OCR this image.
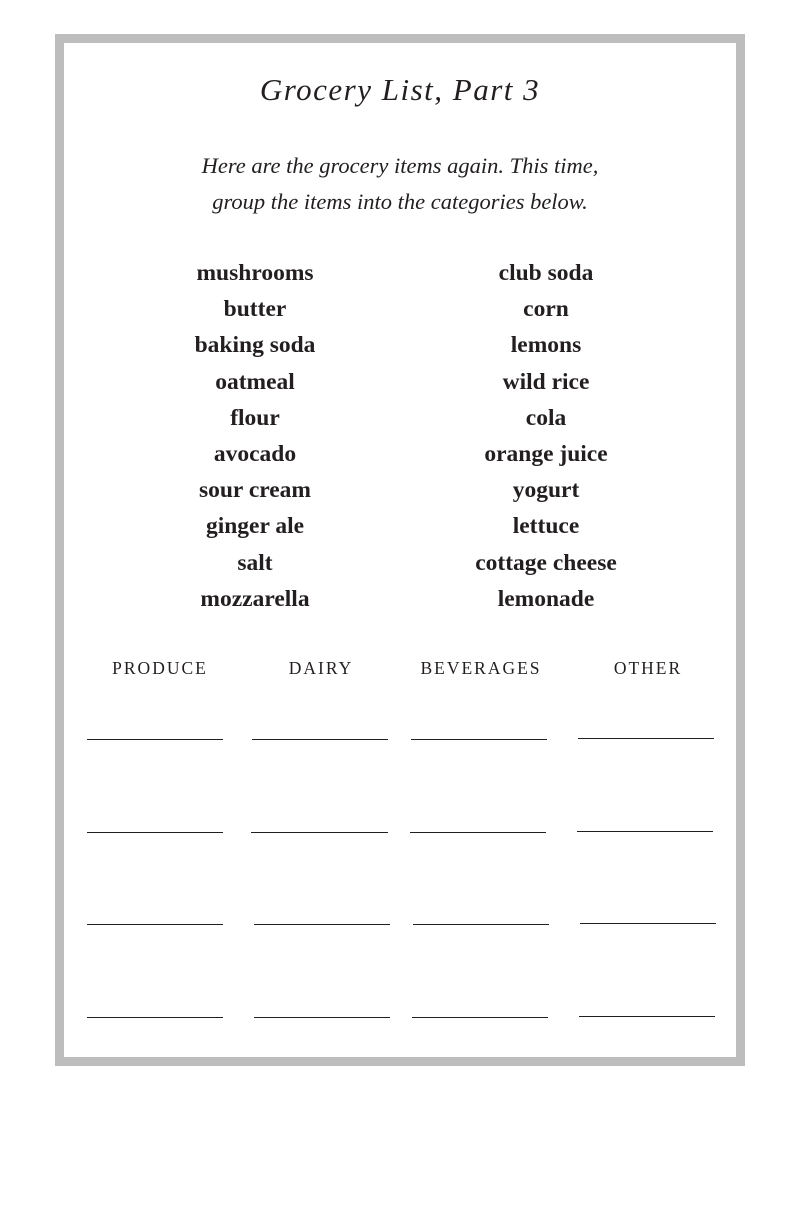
Grocery List, Part 3
Here are the grocery items again. This time,
group the items into the categories below.
mushrooms
butter
baking soda
oatmeal
flour
avocado
sour cream
ginger ale
salt
mozzarella
club soda
corn
lemons
wild rice
cola
orange juice
yogurt
lettuce
cottage cheese
lemonade
PRODUCE	DAIRY	BEVERAGES	OTHER
